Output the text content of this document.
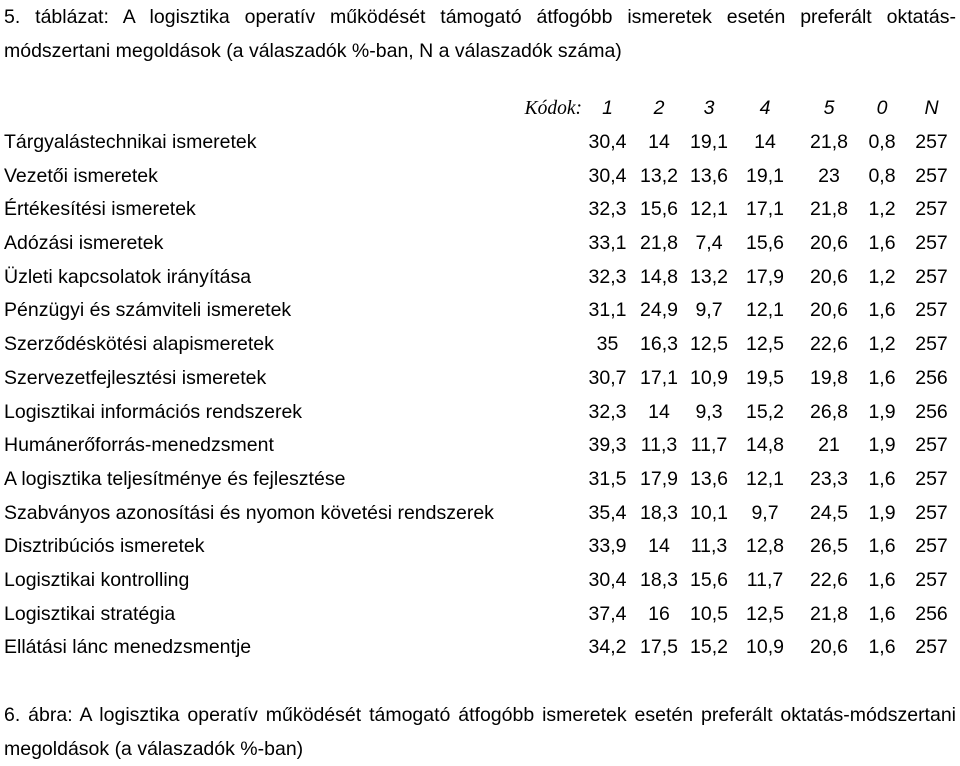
5. táblázat: A logisztika operatív működését támogató átfogóbb ismeretek esetén preferált oktatás-módszertani megoldások (a válaszadók %-ban, N a válaszadók száma)
Kódok:	1	2	3	4	5	0	N
Tárgyalástechnikai ismeretek	30,4	14	19,1	14	21,8	0,8	257
Vezetői ismeretek	30,4	13,2	13,6	19,1	23	0,8	257
Értékesítési ismeretek	32,3	15,6	12,1	17,1	21,8	1,2	257
Adózási ismeretek	33,1	21,8	7,4	15,6	20,6	1,6	257
Üzleti kapcsolatok irányítása	32,3	14,8	13,2	17,9	20,6	1,2	257
Pénzügyi és számviteli ismeretek	31,1	24,9	9,7	12,1	20,6	1,6	257
Szerződéskötési alapismeretek	35	16,3	12,5	12,5	22,6	1,2	257
Szervezetfejlesztési ismeretek	30,7	17,1	10,9	19,5	19,8	1,6	256
Logisztikai információs rendszerek	32,3	14	9,3	15,2	26,8	1,9	256
Humánerőforrás-menedzsment	39,3	11,3	11,7	14,8	21	1,9	257
A logisztika teljesítménye és fejlesztése	31,5	17,9	13,6	12,1	23,3	1,6	257
Szabványos azonosítási és nyomon követési rendszerek	35,4	18,3	10,1	9,7	24,5	1,9	257
Disztribúciós ismeretek	33,9	14	11,3	12,8	26,5	1,6	257
Logisztikai kontrolling	30,4	18,3	15,6	11,7	22,6	1,6	257
Logisztikai stratégia	37,4	16	10,5	12,5	21,8	1,6	256
Ellátási lánc menedzsmentje	34,2	17,5	15,2	10,9	20,6	1,6	257
6. ábra: A logisztika operatív működését támogató átfogóbb ismeretek esetén preferált oktatás-módszertani megoldások (a válaszadók %-ban)
